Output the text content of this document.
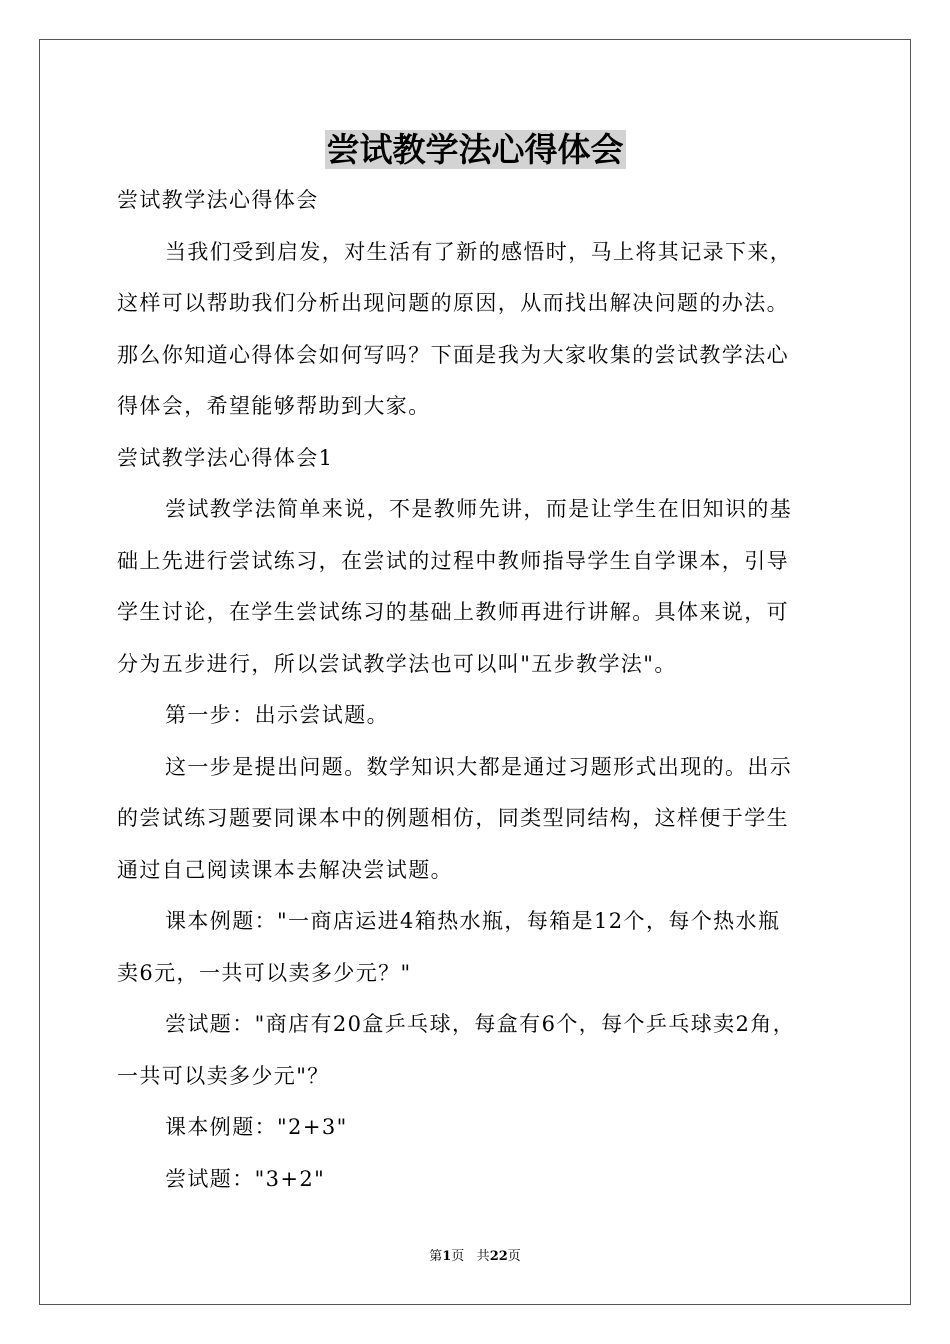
尝试教学法心得体会

尝试教学法心得体会

当我们受到启发，对生活有了新的感悟时，马上将其记录下来，

这样可以帮助我们分析出现问题的原因，从而找出解决问题的办法。

那么你知道心得体会如何写吗？下面是我为大家收集的尝试教学法心

得体会，希望能够帮助到大家。

尝试教学法心得体会1

尝试教学法简单来说，不是教师先讲，而是让学生在旧知识的基

础上先进行尝试练习，在尝试的过程中教师指导学生自学课本，引导

学生讨论，在学生尝试练习的基础上教师再进行讲解。具体来说，可

分为五步进行，所以尝试教学法也可以叫"五步教学法"。

第一步：出示尝试题。

这一步是提出问题。数学知识大都是通过习题形式出现的。出示

的尝试练习题要同课本中的例题相仿，同类型同结构，这样便于学生

通过自己阅读课本去解决尝试题。

课本例题："一商店运进4箱热水瓶，每箱是12个，每个热水瓶

卖6元，一共可以卖多少元？"

尝试题："商店有20盒乒乓球，每盒有6个，每个乒乓球卖2角，

一共可以卖多少元"？

课本例题："2+3"

尝试题："3+2"

第1页 共22页
